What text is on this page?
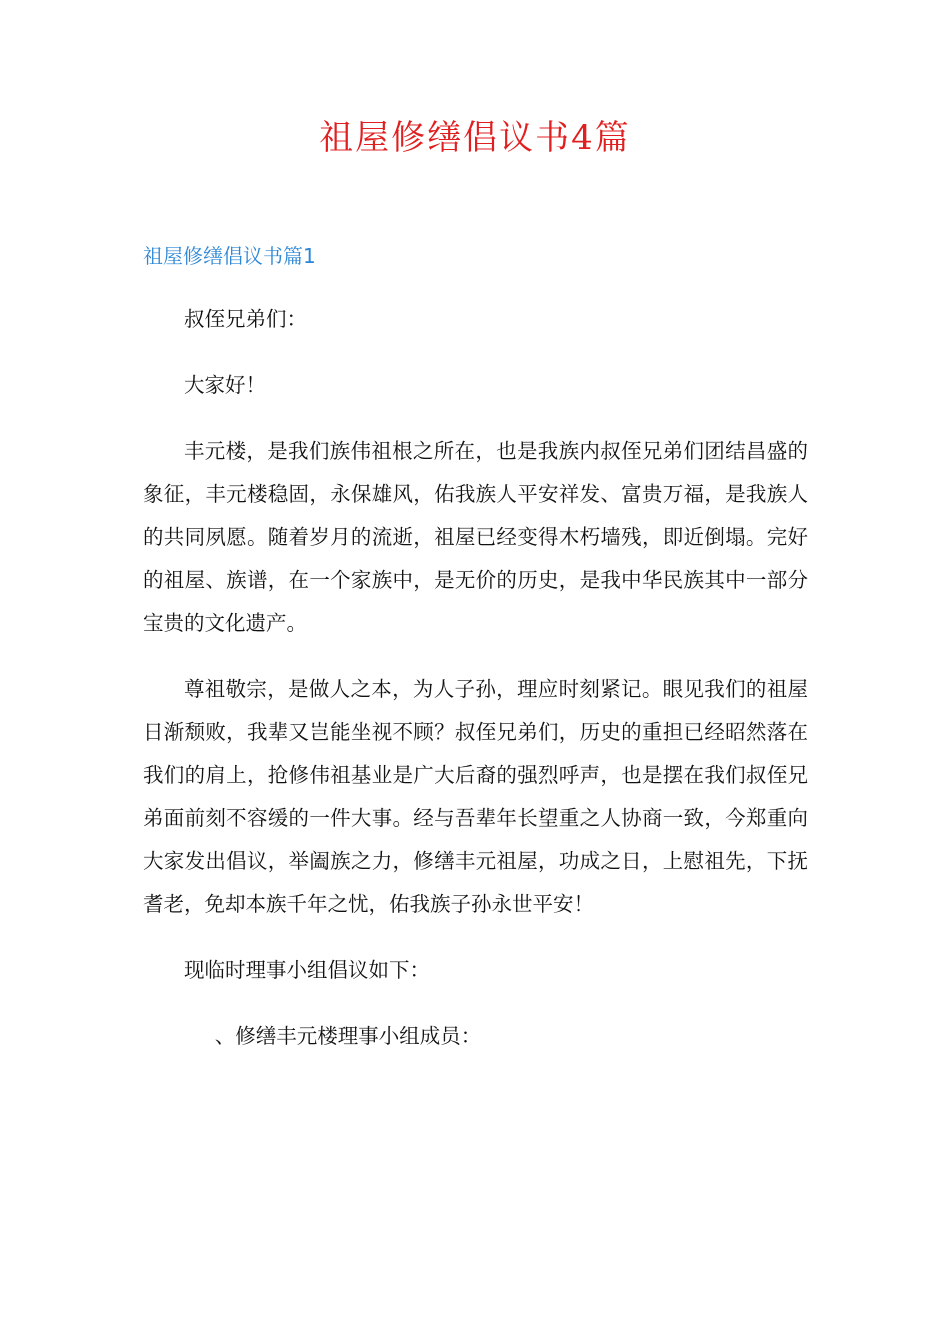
祖屋修缮倡议书4篇
祖屋修缮倡议书篇1

叔侄兄弟们：

大家好！

丰元楼，是我们族伟祖根之所在，也是我族内叔侄兄弟们团结昌盛的象征，丰元楼稳固，永保雄风，佑我族人平安祥发、富贵万福，是我族人的共同夙愿。随着岁月的流逝，祖屋已经变得木朽墙残，即近倒塌。完好的祖屋、族谱，在一个家族中，是无价的历史，是我中华民族其中一部分宝贵的文化遗产。

尊祖敬宗，是做人之本，为人子孙，理应时刻紧记。眼见我们的祖屋日渐颓败，我辈又岂能坐视不顾？叔侄兄弟们，历史的重担已经昭然落在我们的肩上，抢修伟祖基业是广大后裔的强烈呼声，也是摆在我们叔侄兄弟面前刻不容缓的一件大事。经与吾辈年长望重之人协商一致，今郑重向大家发出倡议，举阖族之力，修缮丰元祖屋，功成之日，上慰祖先，下抚耆老，免却本族千年之忧，佑我族子孙永世平安！

现临时理事小组倡议如下：

、修缮丰元楼理事小组成员：
